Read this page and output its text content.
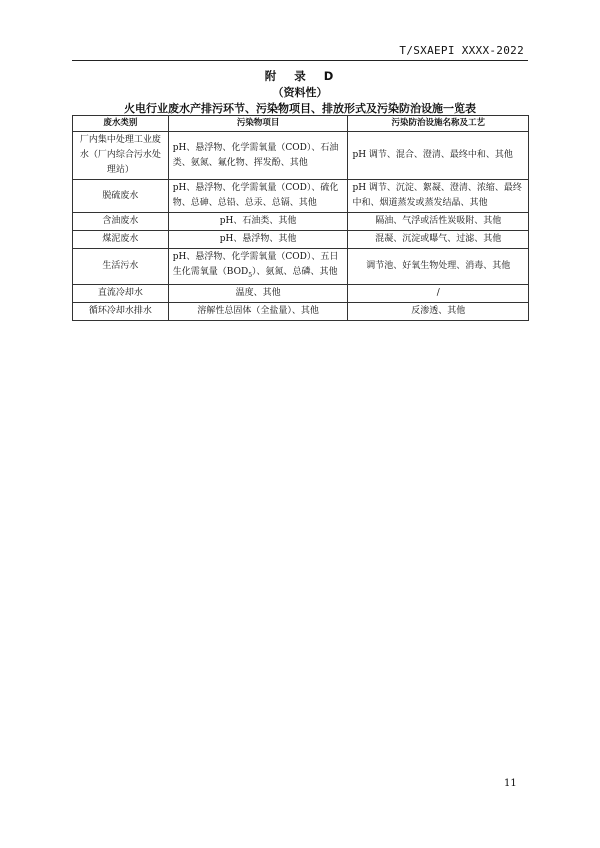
T/SXAEPI XXXX-2022
附 录 D
（资料性）
火电行业废水产排污环节、污染物项目、排放形式及污染防治设施一览表
废水类别	污染物项目	污染防治设施名称及工艺
厂内集中处理工业废水（厂内综合污水处理站）	pH、悬浮物、化学需氧量（COD）、石油类、氨氮、氟化物、挥发酚、其他	pH 调节、混合、澄清、最终中和、其他
脱硫废水	pH、悬浮物、化学需氧量（COD）、硫化物、总砷、总铅、总汞、总镉、其他	pH 调节、沉淀、絮凝、澄清、浓缩、最终中和、烟道蒸发或蒸发结晶、其他
含油废水	pH、石油类、其他	隔油、气浮或活性炭吸附、其他
煤泥废水	pH、悬浮物、其他	混凝、沉淀或曝气、过滤、其他
生活污水	pH、悬浮物、化学需氧量（COD）、五日生化需氧量$(BOD_5)$、氨氮、总磷、其他	调节池、好氧生物处理、消毒、其他
直流冷却水	温度、其他	/
循环冷却水排水	溶解性总固体（全盐量）、其他	反渗透、其他
11
